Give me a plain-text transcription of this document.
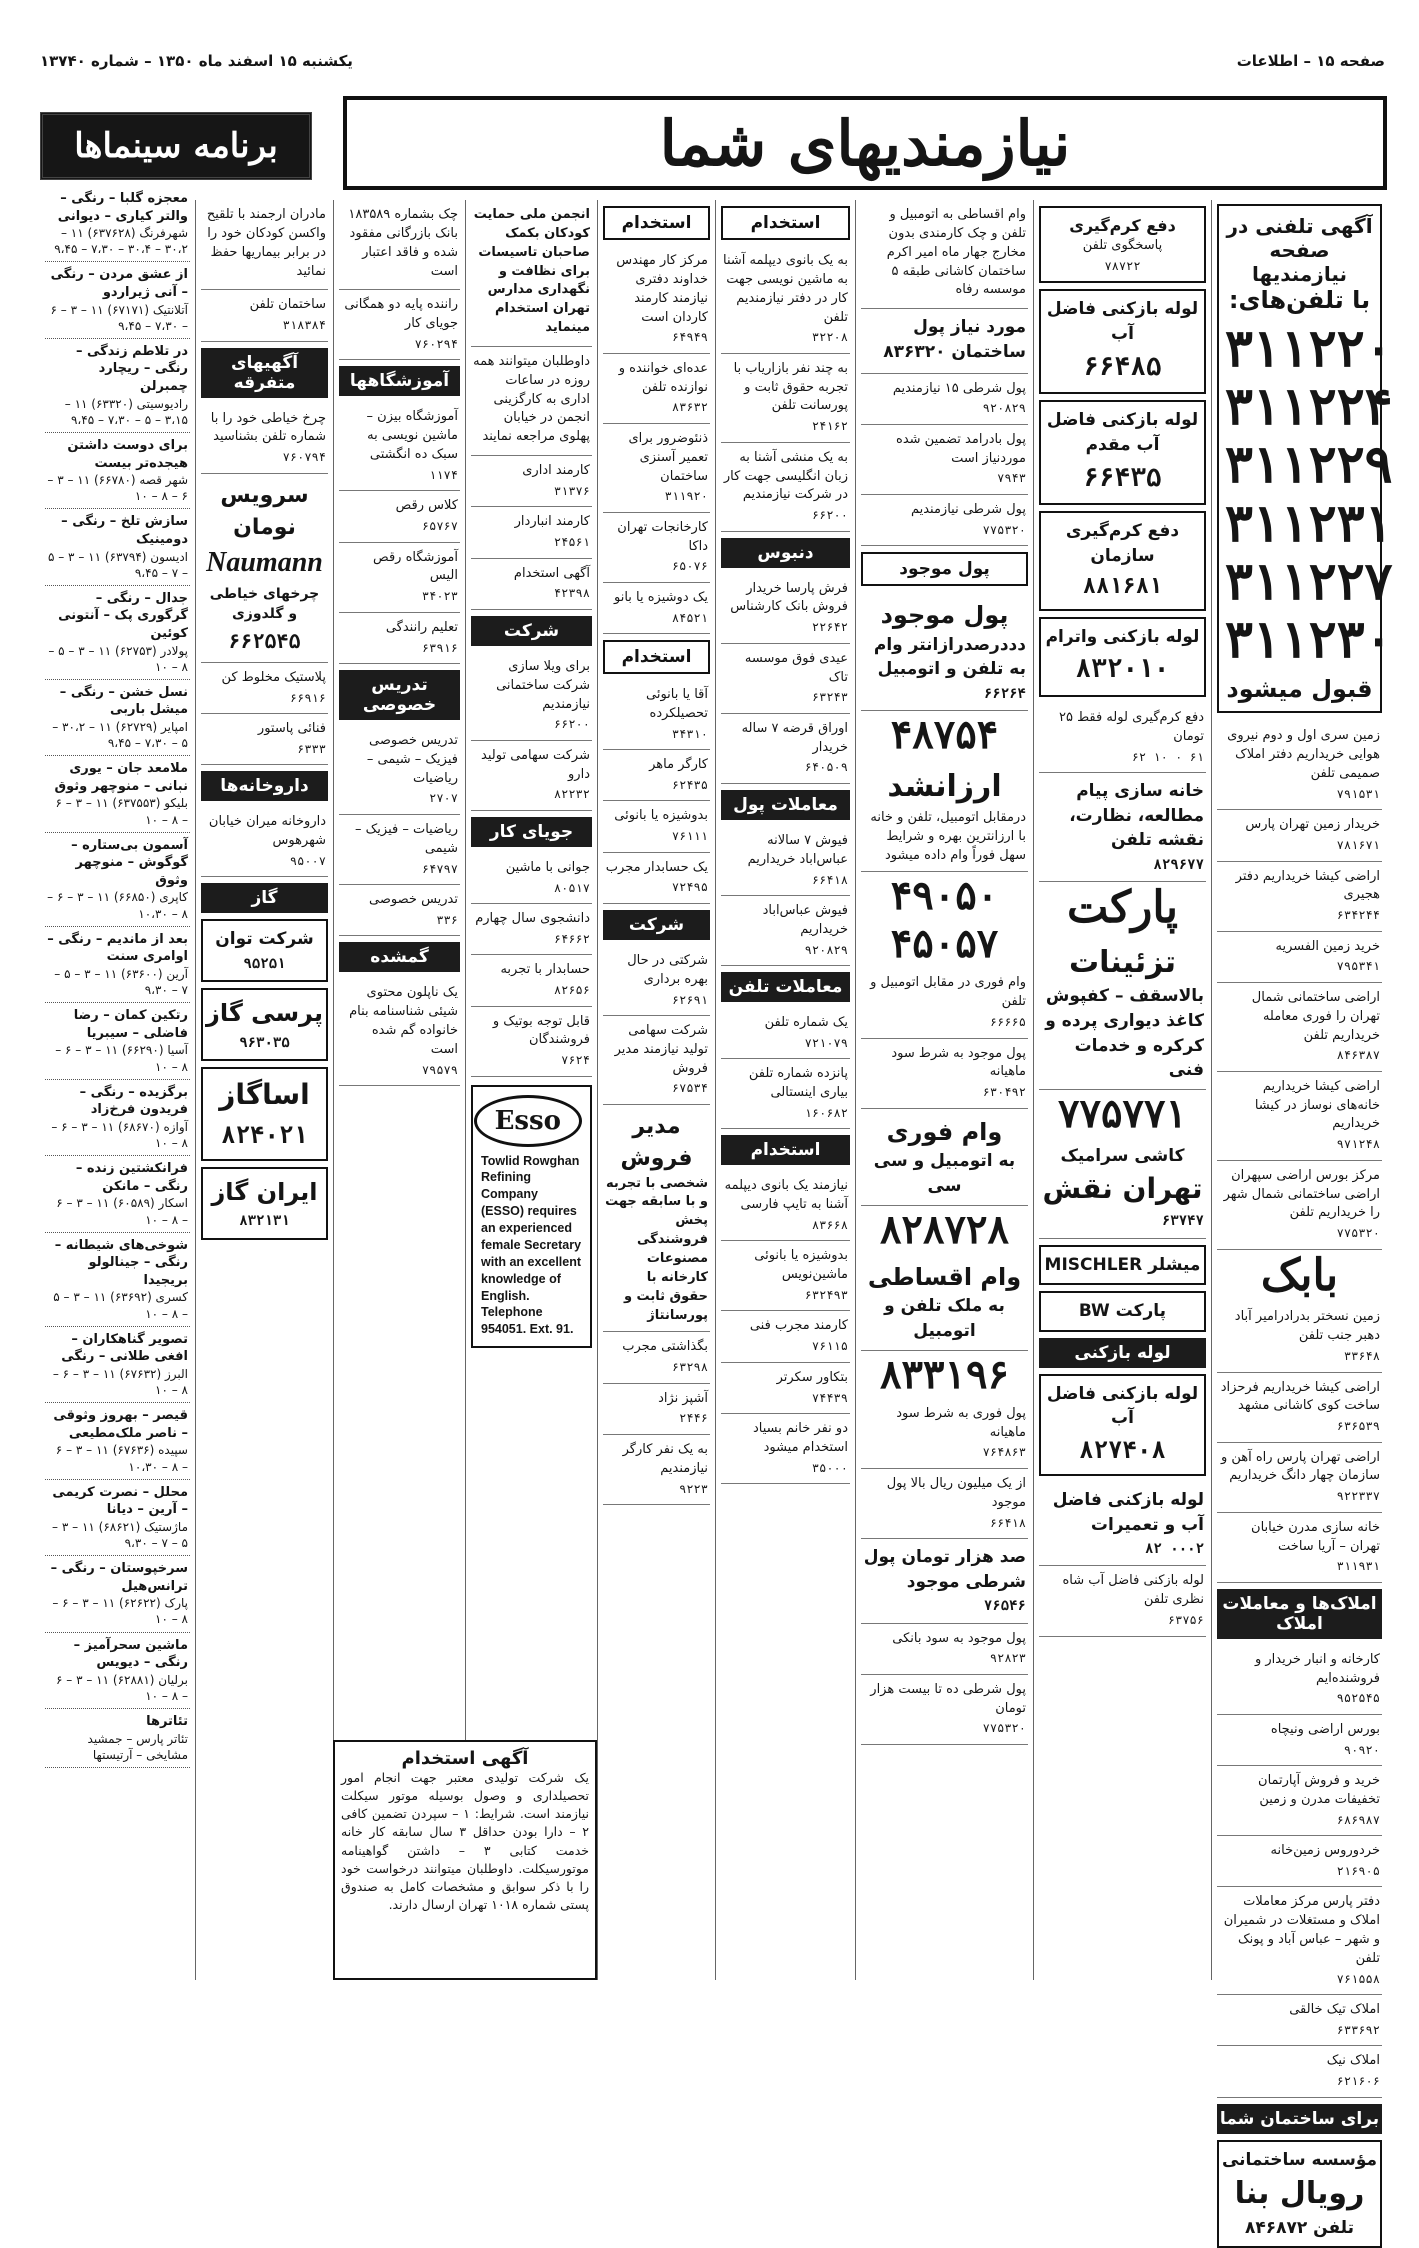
صفحه ۱۵ – اطلاعات
یکشنبه ۱۵ اسفند ماه ۱۳۵۰ – شماره ۱۳۷۴۰
نیازمندیهای شما
برنامه سینماها
آگهی تلفنی در صفحه نیازمندیها
با تلفن‌های:
۳۱۱۲۲۰
۳۱۱۲۲۴
۳۱۱۲۲۹
۳۱۱۲۳۱
۳۱۱۲۲۷
۳۱۱۲۳۰
قبول میشود

زمین سری اول و دوم نیروی هوایی خریداریم دفتر املاک صمیمی تلفن

۷۹۱۵۳۱

خریدار زمین تهران پارس

۷۸۱۶۷۱

اراضی کیشا خریداریم دفتر هجیری

۶۳۴۲۴۴

خرید زمین الفسریه

۷۹۵۳۴۱

اراضی ساختمانی شمال تهران را فوری معامله خریداریم تلفن

۸۴۶۳۸۷

اراضی کیشا خریداریم خانه‌های نوساز در کیشا خریداریم

۹۷۱۲۴۸

مرکز بورس اراضی سپهران اراضی ساختمانی شمال شهر را خریداریم تلفن

۷۷۵۳۲۰
بابک

زمین نسختر بدرادرامیر آباد دهبر جنب تلفن

۳۳۶۴۸

اراضی کیشا خریداریم فرحزاد ساخت کوی کاشانی مشهد

۶۳۶۵۳۹

اراضی تهران پارس راه آهن و سازمان چهار دانگ خریداریم

۹۲۲۳۳۷

خانه سازی مدرن خیابان تهران – آریا ساخت

۳۱۱۹۳۱
املاک‌ها و معاملات املاک

کارخانه و انبار خریدار و فروشنده‌ایم

۹۵۲۵۴۵

بورس اراضی ونیچاه

۹۰۹۲۰

خرید و فروش آپارتمان تخفیفات مدرن و زمین

۶۸۶۹۸۷

خردوروس زمین‌خانه

۲۱۶۹۰۵

دفتر پارس مرکز معاملات املاک و مستغلات در شمیران و شهر – عباس آباد و پونک تلفن

۷۶۱۵۵۸

املاک تیک خالقی

۶۳۳۶۹۲

املاک نیک

۶۲۱۶۰۶
برای ساختمان شما

مؤسسه ساختمانی

رویال بنا

تلفن ۸۴۶۸۷۲

دفع کرم‌گیری

پاسخگوی تلفن

۷۸۷۲۲

لوله بازکنی فاضل آب

۶۶۴۸۵

لوله بازکنی فاضل آب مقدم

۶۶۴۳۵

دفع کرم‌گیری سازمان

۸۸۱۶۸۱

لوله بازکنی واترام

۸۳۲۰۱۰

دفع کرم‌گیری لوله فقط ۲۵ تومان

۶۱ ۰ ۱۰ ۶۲

خانه سازی پیام مطالعه، نظارت، نقشه تلفن

۸۲۹۶۷۷
پارکت

تزئینات

بالاسقف – کفپوش کاغذ دیواری پرده و کرکره و خدمات فنی

۷۷۵۷۷۱

کاشی سرامیک

تهران نقش

۶۳۷۴۷

میشلر MISCHLER

پارکت BW

لوله بازکنی

لوله بازکنی فاضل آب

۸۲۷۴۰۸

لوله بازکنی فاضل آب و تعمیرات

۰۰۰۲ ۸۲

لوله بازکنی فاضل آب شاه نظری تلفن

۶۳۷۵۶

وام اقساطی به اتومبیل و تلفن و چک کارمندی بدون مخارج جهار ماه امیر اکرم ساختمان کاشانی طبقه ۵ موسسه رفاه

مورد نیاز پول ساختمان ۸۳۶۳۲۰

پول شرطی ۱۵ نیازمندیم

۹۲۰۸۲۹

پول بادرامد تضمین شده موردنیاز است

۷۹۴۳

پول شرطی نیازمندیم

۷۷۵۳۲۰
پول موجود

پول موجود

دددرصدرازانتر وام به تلفن و اتومبیل

۶۶۲۶۴
۴۸۷۵۴

ارزانشد

درمقابل اتومبیل، تلفن و خانه با ارزانترین بهره و شرایط سهل فوراً وام داده میشود

۴۹۰۵۰
۴۵۰۵۷

وام فوری در مقابل اتومبیل و تلفن

۶۶۶۶۵

پول موجود به شرط سود ماهیانه

۶۳۰۴۹۲

وام فوری

به اتومبیل و سی سی

۸۲۸۷۲۸

وام اقساطی

به ملک تلفن و اتومبیل

۸۳۳۱۹۶

پول فوری به شرط سود ماهیانه

۷۶۴۸۶۳

از یک میلیون ریال بالا پول موجود

۶۶۴۱۸

صد هزار تومان پول شرطی موجود

۷۶۵۴۶

پول موجود به سود بانکی

۹۲۸۲۳

پول شرطی ده تا بیست هزار تومان

۷۷۵۳۲۰
استخدام

به یک بانوی دیپلمه آشنا به ماشین نویسی جهت کار در دفتر نیازمندیم تلفن

۳۲۲۰۸

به چند نفر بازاریاب با تجربه حقوق ثابت و پورسانت تلفن

۲۴۱۶۲

به یک منشی آشنا به زبان انگلیسی جهت کار در شرکت نیازمندیم

۶۶۲۰۰
دنبوس

فرش پارسا خریدار فروش بانک کارشناس

۲۲۶۴۲

عیدی فوق موسسه تاک

۶۳۲۴۳

اوراق قرضه ۷ ساله خریدار

۶۴۰۵۰۹
معاملات پول

فیوش ۷ سالانه عباس‌اباد خریداریم

۶۶۴۱۸

فیوش عباس‌اباد خریداریم

۹۲۰۸۲۹
معاملات تلفن

یک شماره تلفن

۷۲۱۰۷۹

پانزده شماره تلفن بیاری اینستالی

۱۶۰۶۸۲
استخدام

نیازمند یک بانوی دیپلمه آشنا به تایپ فارسی

۸۳۶۶۸

بدوشیزه یا بانوئی ماشین‌نویس

۶۳۲۴۹۳

کارمند مجرب فنی

۷۶۱۱۵

بتکاور سکرتر

۷۴۴۳۹

دو نفر خانم بسیاد استخدام میشود

۳۵۰۰۰
استخدام

مرکز کار مهندس خداوند دفتری نیازمند کارمند کاردان است

۶۴۹۴۹

عده‌ای خواننده و نوازنده تلفن

۸۳۶۳۲

ذنئوضرور برای تعمیر آسنزی ساختمان

۳۱۱۹۲۰

کارخانجات تهران داکا

۶۵۰۷۶

یک دوشیزه یا بانو

۸۴۵۲۱
استخدام

آقا یا بانوئی تحصیلکرده

۳۴۳۱۰

کارگر ماهر

۶۲۴۳۵

بدوشیزه یا بانوئی

۷۶۱۱۱

یک حسابدار مجرب

۷۲۴۹۵
شرکت

شرکتی در حال بهره برداری

۶۲۶۹۱

شرکت سهامی تولید نیازمند مدیر فروش

۶۷۵۳۴

مدیر فروش

شخصی با تجربه و با سابقه جهت پخش فروشندگی مصنوعات کارخانه با حقوق ثابت و پورسانتاژ

بگذاشتی مجرب

۶۳۲۹۸

آشپز نژاد

۲۴۴۶

به یک نفر کارگر نیازمندیم

۹۲۲۳

انجمن ملی حمایت کودکان بکمک صاحبان تاسیسات برای نظافت و نگهداری مدارس تهران استخدام مینماید

داوطلبان میتوانند همه روزه در ساعات اداری به کارگزینی انجمن در خیابان پهلوی مراجعه نمایند

کارمند اداری

۳۱۳۷۶

کارمند انباردار

۲۴۵۶۱

آگهی استخدام

۴۲۳۹۸
شرکت

برای ویلا سازی شرکت ساختمانی نیازمندیم

۶۶۲۰۰

شرکت سهامی تولید دارو

۸۲۲۳۲
جویای کار

جوانی با ماشین

۸۰۵۱۷

دانشجوی سال چهارم

۶۴۶۶۲

حسابدار با تجربه

۸۲۶۵۶

قابل توجه بوتیک و فروشندگان

۷۶۲۴
Esso
Towlid Rowghan Refining Company (ESSO) requires an experienced female Secretary with an excellent knowledge of English. Telephone 954051. Ext. 91.

چک بشماره ۱۸۳۵۸۹ بانک بازرگانی مفقود شده و فاقد اعتبار است

راننده پایه دو همگانی جویای کار

۷۶۰۲۹۴
آموزشگاهها

آموزشگاه بیزن – ماشین نویسی به سبک ده انگشتی

۱۱۷۴

کلاس رقص

۶۵۷۶۷

آموزشگاه رقص الیس

۳۴۰۲۳

تعلیم رانندگی

۶۳۹۱۶
تدریس خصوصی

تدریس خصوصی فیزیک – شیمی – ریاضیات

۲۷۰۷

ریاضیات – فیزیک – شیمی

۶۴۷۹۷

تدریس خصوصی

۳۳۶
گمشده

یک ناپلون محتوی شیئی شناسنامه بنام خانواده گم شده است

۷۹۵۷۹
آگهی استخدام
یک شرکت تولیدی معتبر جهت انجام امور تحصیلداری و وصول بوسیله موتور سیکلت نیازمند است. شرایط: ۱ – سپردن تضمین کافی ۲ – دارا بودن حداقل ۳ سال سابقه کار خانه خدمت کتابی ۳ – داشتن گواهینامه موتورسیکلت. داوطلبان میتوانند درخواست خود را با ذکر سوابق و مشخصات کامل به صندوق پستی شماره ۱۰۱۸ تهران ارسال دارند.

مادران ارجمند با تلقیح واکسن کودکان خود را در برابر بیماریها حفظ نمائید

ساختمان تلفن

۳۱۸۳۸۴
آگهیهای متفرقه

چرخ خیاطی خود را با شماره تلفن بشناسید

۷۶۰۷۹۴

سرویس نومان

Naumann

چرخهای خیاطی و گلدوزی

۶۶۲۵۴۵

پلاستیک مخلوط کن

۶۶۹۱۶

فنائی پاستور

۶۳۳۳
داروخانه‌ها

داروخانه میران خیابان شهرهوس

۹۵۰۰۷
گاز

شرکت توان

۹۵۲۵۱

پرسی گاز

۹۶۳۰۳۵

اساگاز

۸۲۴۰۲۱

ایران گاز

۸۳۲۱۳۱
معجزه گلبا – رنگی – والتر کیاری – دیوانی
شهرفرنگ (۶۳۷۶۲۸) ۱۱ – ۳۰،۲ – ۳۰،۴ – ۷،۳۰ – ۹،۴۵
از عشق مردن – رنگی – آنی ژیراردو
آتلانتیک (۶۷۱۷۱) ۱۱ – ۳ – ۶ – ۷،۳۰ – ۹،۴۵
در تلاطم زندگی – رنگی – ریچارد چمبرلن
رادیوسیتی (۶۳۳۲۰) ۱۱ – ۳،۱۵ – ۵ – ۷،۳۰ – ۹،۴۵
برای دوست داشتن هیجده‌تر بیست
شهر قصه (۶۶۷۸۰) ۱۱ – ۳ – ۶ – ۸ – ۱۰
سازش تلخ – رنگی – دومینیک
ادیسون (۶۳۷۹۴) ۱۱ – ۳ – ۵ – ۷ – ۹،۴۵
جدال – رنگی – گرگوری پک – آنتونی کوئین
پولادر (۶۲۷۵۳) ۱۱ – ۳ – ۵ – ۸ – ۱۰
نسل خشن – رنگی – میشل باربی
امپایر (۶۲۷۲۹) ۱۱ – ۳۰،۲ – ۵ – ۷،۳۰ – ۹،۴۵
ملامعد جان – یوری نبانی – منوچهر وثوق
بلیکو (۶۳۷۵۵۳) ۱۱ – ۳ – ۶ – ۸ – ۱۰
آسمون بی‌ستاره – گوگوش – منوچهر وثوق
کاپری (۶۶۸۵۰) ۱۱ – ۳ – ۶ – ۸ – ۱۰،۳۰
بعد از ماندیم – رنگی – اوامری سنت
آرین (۶۳۶۰۰) ۱۱ – ۳ – ۵ – ۷ – ۹،۳۰
رتکین کمان – رضا فاضلی – سیبریا
آسیا (۶۶۲۹۰) ۱۱ – ۳ – ۶ – ۸ – ۱۰
برگزیده – رنگی – فریدون فرخ‌زاد
آوازه (۶۸۶۷۰) ۱۱ – ۳ – ۶ – ۸ – ۱۰
فرانکشتین زنده – رنگی – مانکن
اسکار (۶۰۵۸۹) ۱۱ – ۳ – ۶ – ۸ – ۱۰
شوخی‌های شیطانه – رنگی – جینالولو بریجیدا
کسری (۶۳۶۹۲) ۱۱ – ۳ – ۵ – ۸ – ۱۰
تصویر گناهکاران – افغی طلانی – رنگی
البرز (۶۷۶۳۲) ۱۱ – ۳ – ۶ – ۸ – ۱۰
قیصر – بهروز وثوقی – ناصر ملک‌مطیعی
سپیده (۶۷۶۳۶) ۱۱ – ۳ – ۶ – ۸ – ۱۰،۳۰
محلل – نصرت کریمی – آرین – دیانا
ماژستیک (۶۸۶۲۱) ۱۱ – ۳ – ۵ – ۷ – ۹،۳۰
سرخپوستان – رنگی – ترانس‌هیل
پارک (۶۲۶۲۲) ۱۱ – ۳ – ۶ – ۸ – ۱۰
ماشین سحرآمیز – رنگی – دیویس
برلیان (۶۲۸۸۱) ۱۱ – ۳ – ۶ – ۸ – ۱۰
تئاترها
تئاتر پارس – جمشید مشایخی – آرتیستها
